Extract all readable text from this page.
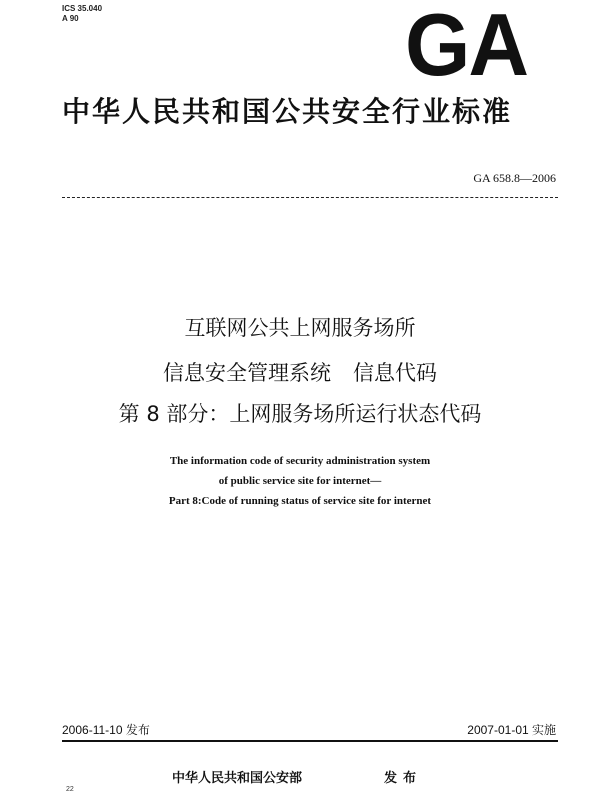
ICS 35.040
A 90	GA
中华人民共和国公共安全行业标准
GA 658.8—2006
互联网公共上网服务场所
信息安全管理系统 信息代码
第 8 部分：上网服务场所运行状态代码
The information code of security administration system
of public service site for internet—
Part 8:Code of running status of service site for internet
2006-11-10 发布	2007-01-01 实施
中华人民共和国公安部	发布
22
